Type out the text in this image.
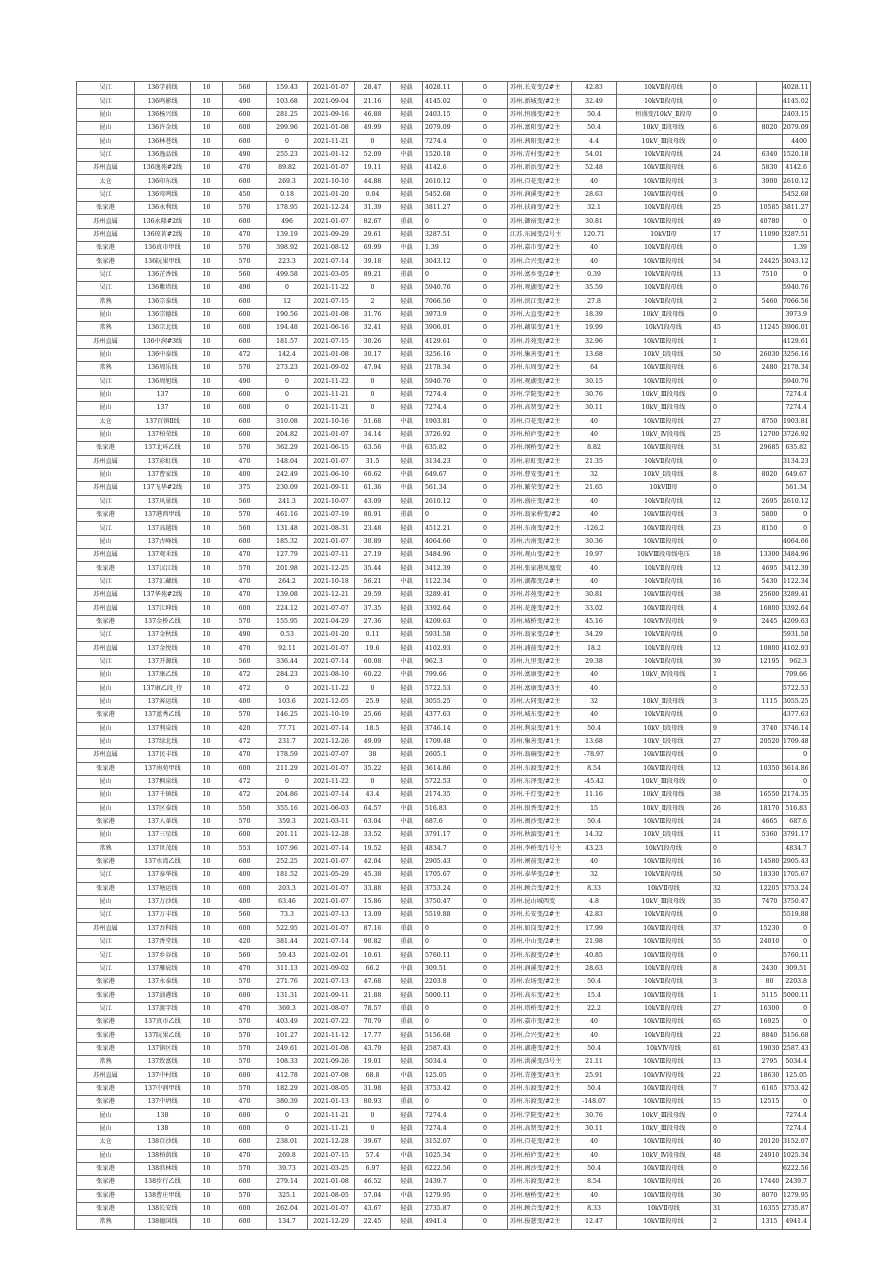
吴江	136学前线	10	560	159.43	2021-01-07	28.47	轻载	4028.11	0	苏州.长安变/2#主	42.83	10kVⅡ段母线	0		4028.11
吴江	136鸣影线	10	490	103.68	2021-09-04	21.16	轻载	4145.02	0	苏州.新城变/#2主	32.49	10kVⅡ段母线	0		4145.02
昆山	136杨兴线	10	600	281.25	2021-09-16	46.88	轻载	2403.15	0	苏州.恒盛变/#2主	50.4	恒盛变/10kV_Ⅱ段母	0		2403.15
昆山	136许金线	10	600	299.96	2021-01-08	49.99	轻载	2079.09	0	苏州.富阳变/#2主	50.4	10kV_Ⅱ段母线	6	8020	2079.09
昆山	136林苍线	10	600	0	2021-11-21	0	轻载	7274.4	0	苏州.茜阳变/#2主	4.4	10kV_Ⅲ段母线	0		4400
吴江	136逸品线	10	490	255.23	2021-01-12	52.09	中载	1520.18	0	苏州.青村变/#2主	54.01	10kVⅡ段母线	24	6340	1520.18
苏州直属	136逸苑#2线	10	470	89.82	2021-01-07	19.11	轻载	4142.6	0	苏州.新浜变/#2主	52.48	10kVⅢ段母线	6	5830	4142.6
太仓	136印东线	10	600	269.3	2021-10-10	44.88	轻载	2610.12	0	苏州.百花变/#2主	40	10kVⅢ段母线	3	3900	2610.12
吴江	136莺鸣线	10	450	0.18	2021-01-20	0.04	轻载	5452.68	0	苏州.润溪变/#2主	28.63	10kVⅢ段母线	0		5452.68
张家港	136永利线	10	570	178.95	2021-12-24	31.39	轻载	3811.27	0	苏州.扶商变/#2主	32.1	10kVⅡ段母线	25	10585	3811.27
苏州直属	136永隆#2线	10	600	496	2021-01-07	82.67	重载	0	0	苏州.御宿变/#2主	30.81	10kVⅢ段母线	49	40780	0
苏州直属	136琼茗#2线	10	470	139.19	2021-09-29	29.61	轻载	3287.51	0	江苏.东园变/2号主	120.71	10kVⅡ母	17	11090	3287.51
张家港	136真市甲线	10	570	398.92	2021-08-12	69.99	中载	1.39	0	苏州.嘉市变/#2主	40	10kVⅡ段母线	0		1.39
张家港	136阮果甲线	10	570	223.3	2021-07-14	39.18	轻载	3043.12	0	苏州.合兴变/#2主	40	10kVⅢ段母线	54	24425	3043.12
吴江	136芷香线	10	560	499.58	2021-03-05	89.21	重载	0	0	苏州.富乡变/2#主	0.39	10kVⅡ段母线	13	7510	0
吴江	136紫塔线	10	490	0	2021-11-22	0	轻载	5940.76	0	苏州.观湖变/#2主	35.59	10kVⅡ段母线	0		5940.76
常熟	136宗泰线	10	600	12	2021-07-15	2	轻载	7066.56	0	苏州.滨江变/#2主	27.8	10kVⅡ段母线	2	5460	7066.56
昆山	136宗德线	10	600	190.56	2021-01-08	31.76	轻载	3973.9	0	苏州.大直变/#2主	18.39	10kV_Ⅱ段母线	0		3973.9
常熟	136宗北线	10	600	194.48	2021-06-16	32.41	轻载	3906.01	0	苏州.藕渠变/#1主	19.99	10kVⅠ段母线	45	11245	3906.01
苏州直属	136中润#3线	10	600	181.57	2021-07-15	30.26	轻载	4129.61	0	苏州.苏苑变/#2主	32.96	10kVⅢ段母线	1		4129.61
昆山	136中泰线	10	472	142.4	2021-01-08	30.17	轻载	3256.16	0	苏州.集善变/#1主	13.68	10kV_Ⅰ段母线	50	26030	3256.16
常熟	136周乐线	10	570	273.23	2021-09-02	47.94	轻载	2178.34	0	苏州.东周变/#2主	64	10kVⅢ段母线	6	2480	2178.34
吴江	136周旭线	10	490	0	2021-11-22	0	轻载	5940.76	0	苏州.观湖变/#2主	30.15	10kVⅢ段母线	0		5940.76
昆山	137	10	600	0	2021-11-21	0	轻载	7274.4	0	苏州.学院变/#2主	30.76	10kV_Ⅲ段母线	0		7274.4
昆山	137	10	600	0	2021-11-21	0	轻载	7274.4	0	苏州.高贤变/#2主	30.11	10kV_Ⅲ段母线	0		7274.4
太仓	137百镇Ⅱ线	10	600	310.08	2021-10-16	51.68	中载	1903.81	0	苏州.百花变/#2主	40	10kVⅢ段母线	27	8750	1903.81
昆山	137柏荣线	10	600	204.82	2021-01-07	34.14	轻载	3726.92	0	苏州.柏庐变/#2主	40	10kV_Ⅳ段母线	25	12700	3726.92
张家港	137北环乙线	10	570	362.29	2021-06-15	63.56	中载	635.82	0	苏州.纲桥变/#2主	8.82	10kVⅢ段母线	51	29685	635.82
苏州直属	137彩虹线	10	470	148.04	2021-01-07	31.5	轻载	3134.23	0	苏州.彩虹变/#2主	21.35	10kVⅡ段母线	0		3134.23
昆山	137曹家线	10	400	242.49	2021-06-10	60.62	中载	649.67	0	苏州.曹安变/#1主	32	10kV_Ⅰ段母线	8	8020	649.67
苏州直属	137飞华#2线	10	375	230.09	2021-09-11	61.36	中载	561.34	0	苏州.繁荣变/#2主	21.65	10kVⅢ母	0		561.34
吴江	137风景线	10	560	241.3	2021-10-07	43.09	轻载	2610.12	0	苏州.盛庄变/#2主	40	10kVⅡ段母线	12	2695	2610.12
张家港	137港西甲线	10	570	461.16	2021-07-19	80.91	重载	0	0	苏州.翁家桥变/#2	40	10kVⅢ段母线	3	5800	0
吴江	137高越线	10	560	131.48	2021-08-31	23.48	轻载	4512.21	0	苏州.东南变/#2主	-126.2	10kVⅢ段母线	23	8150	0
昆山	137古峰线	10	600	185.32	2021-01-07	30.89	轻载	4064.66	0	苏州.古南变/#2主	30.36	10kVⅢ段母线	0		4064.66
苏州直属	137观禾线	10	470	127.79	2021-07-11	27.19	轻载	3484.96	0	苏州.观山变/#2主	19.97	10kVⅢ段母线电压	18	13300	3484.96
张家港	137汉江线	10	570	201.98	2021-12-25	35.44	轻载	3412.39	0	苏州.张家港凤凰变	40	10kVⅡ段母线	12	4695	3412.39
吴江	137汇藏线	10	470	264.2	2021-10-18	56.21	中载	1122.34	0	苏州.湖都变/2#主	40	10kVⅡ段母线	16	5430	1122.34
苏州直属	137华苑#2线	10	470	139.08	2021-12-21	29.59	轻载	3289.41	0	苏州.苏苑变/#2主	30.81	10kVⅢ段母线	38	25600	3289.41
苏州直属	137江坤线	10	600	224.12	2021-07-07	37.35	轻载	3392.64	0	苏州.花莲变/#2主	33.02	10kVⅢ段母线	4	16800	3392.64
张家港	137金桥乙线	10	570	155.95	2021-04-29	27.36	轻载	4209.63	0	苏州.城桥变/#2主	45.16	10kVⅣ段母线	9	2445	4209.63
吴江	137金秋线	10	490	0.53	2021-01-20	0.11	轻载	5931.58	0	苏州.翁家变/2#主	34.29	10kVⅡ段母线	0		5931.58
苏州直属	137金悦线	10	470	92.11	2021-01-07	19.6	轻载	4102.93	0	苏州.浦前变/#2主	18.2	10kVⅡ段母线	12	10800	4102.93
吴江	137开源线	10	560	336.44	2021-07-14	60.08	中载	962.3	0	苏州.九里变/#2主	29.38	10kVⅡ段母线	39	12195	962.3
昆山	137康乙线	10	472	284.23	2021-08-10	60.22	中载	799.66	0	苏州.富康变/#2主	40	10kV_Ⅳ段母线	1		799.66
昆山	137康乙段_待	10	472	0	2021-11-22	0	轻载	5722.53	0	苏州.富康变/#3主	40		0		5722.53
昆山	137客运线	10	400	103.6	2021-12-05	25.9	轻载	3055.25	0	苏州.大同变/#2主	32	10kV_Ⅱ段母线	3	1115	3055.25
张家港	137蓝秀乙线	10	570	146.25	2021-10-19	25.66	轻载	4377.63	0	苏州.城东变/#2主	40	10kVⅡ段母线	0		4377.63
昆山	137利泉线	10	420	77.71	2021-07-14	18.5	轻载	3746.14	0	苏州.利泉变/#1主	50.4	10kV_Ⅰ段母线	9	3740	3746.14
昆山	137绿北线	10	472	231.7	2021-12-26	49.09	轻载	1709.48	0	苏州.集善变/#1主	13.68	10kV_Ⅰ段母线	27	20520	1709.48
苏州直属	137民丰线	10	470	178.59	2021-07-07	38	轻载	2605.1	0	苏州.翁硐变/#2主	-78.97	10kVⅢ段母线	0		0
张家港	137南苑甲线	10	600	211.29	2021-01-07	35.22	轻载	3614.86	0	苏州.东渡变/#2主	8.54	10kVⅢ段母线	12	10350	3614.86
昆山	137枫泉线	10	472	0	2021-11-22	0	轻载	5722.53	0	苏州.东泽变/#2主	-45.42	10kV_Ⅲ段母线	0		0
昆山	137千镇线	10	472	204.86	2021-07-14	43.4	轻载	2174.35	0	苏州.千灯变/#2主	11.16	10kV_Ⅱ段母线	38	16550	2174.35
昆山	137区泰线	10	550	355.16	2021-06-03	64.57	中载	516.83	0	苏州.银香变/#2主	15	10kV_Ⅱ段母线	26	18170	516.83
张家港	137人革线	10	570	359.3	2021-03-11	63.04	中载	687.6	0	苏州.闽沙变/#2主	50.4	10kVⅢ段母线	24	4665	687.6
昆山	137三星线	10	600	201.11	2021-12-28	33.52	轻载	3791.17	0	苏州.秋湄变/#1主	14.32	10kV_Ⅰ段母线	11	5360	3791.17
常熟	137世茂线	10	553	107.96	2021-07-14	19.52	轻载	4834.7	0	苏州.李桥变/1号主	43.23	10kVⅠ段母线	0		4834.7
张家港	137水湾乙线	10	600	252.25	2021-01-07	42.04	轻载	2905.43	0	苏州.闸前变/#2主	40	10kVⅢ段母线	16	14580	2905.43
吴江	137泰华线	10	400	181.52	2021-05-29	45.38	轻载	1705.67	0	苏州.泰华变/2#主	32	10kVⅡ段母线	50	18330	1705.67
张家港	137塘运线	10	600	203.3	2021-01-07	33.88	轻载	3753.24	0	苏州.顾合变/#2主	8.33	10kVⅡ母线	32	12205	3753.24
昆山	137万沙线	10	400	63.46	2021-01-07	15.86	轻载	3750.47	0	苏州.昆山城西变	4.8	10kV_Ⅲ段母线	35	7470	3750.47
吴江	137万丰线	10	560	73.3	2021-07-13	13.09	轻载	5519.88	0	苏州.长安变/2#主	42.83	10kVⅡ段母线	0		5519.88
苏州直属	137吾科线	10	600	522.95	2021-01-07	87.16	重载	0	0	苏州.如岗变/#2主	17.99	10kVⅢ段母线	37	15230	0
吴江	137香堂线	10	420	381.44	2021-07-14	90.82	重载	0	0	苏州.中山变/2#主	21.98	10kVⅢ段母线	55	24010	0
吴江	137乡谷线	10	560	59.43	2021-02-01	10.61	轻载	5760.11	0	苏州.东渡变/2#主	40.85	10kVⅢ段母线	0		5760.11
吴江	137雁宸线	10	470	311.13	2021-09-02	66.2	中载	309.51	0	苏州.润溪变/#2主	28.63	10kVⅡ段母线	8	2430	309.51
张家港	137永泰线	10	570	271.76	2021-07-13	47.68	轻载	2203.8	0	苏州.农场变/#2主	50.4	10kVⅡ段母线	3	80	2203.8
张家港	137油港线	10	600	131.31	2021-09-11	21.88	轻载	5000.11	0	苏州.高东变/#2主	15.4	10kVⅢ段母线	1	5115	5000.11
吴江	137渡字线	10	470	369.3	2021-08-07	78.57	重载	0	0	苏州.塔桥变/#2主	22.2	10kVⅡ段母线	27	16300	0
张家港	137真市乙线	10	570	403.49	2021-07-22	70.79	重载	0	0	苏州.嘉市变/#2主	40	10kVⅢ段母线	65	16925	0
张家港	137阮果乙线	10	570	101.27	2021-11-12	17.77	轻载	5156.68	0	苏州.合兴变/#2主	40	10kVⅡ段母线	22	8840	5156.68
张家港	137镇区线	10	570	249.61	2021-01-08	43.79	轻载	2587.43	0	苏州.湖港变/#2主	50.4	10kVⅣ母线	61	19030	2587.43
常熟	137致富线	10	570	108.33	2021-09-26	19.01	轻载	5034.4	0	苏州.洪溪变/3号主	21.11	10kVⅢ段母线	13	2795	5034.4
苏州直属	137中村线	10	600	412.78	2021-07-08	68.8	中载	125.05	0	苏州.青莲变/#3主	25.91	10kVⅣ段母线	22	18630	125.05
张家港	137中润甲线	10	570	182.29	2021-08-05	31.98	轻载	3753.42	0	苏州.东渡变/#2主	50.4	10kVⅢ段母线	7	6165	3753.42
张家港	137中坍线	10	470	380.39	2021-01-13	80.93	重载	0	0	苏州.东渡变/#2主	-148.07	10kVⅢ段母线	15	12515	0
昆山	138	10	600	0	2021-11-21	0	轻载	7274.4	0	苏州.学院变/#2主	30.76	10kV_Ⅲ段母线	0		7274.4
昆山	138	10	600	0	2021-11-21	0	轻载	7274.4	0	苏州.高贤变/#2主	30.11	10kV_Ⅲ段母线	0		7274.4
太仓	138百沙线	10	600	238.01	2021-12-28	39.67	轻载	3152.07	0	苏州.百花变/#2主	40	10kVⅢ段母线	40	20120	3152.07
昆山	138柏荫线	10	470	269.8	2021-07-15	57.4	中载	1025.34	0	苏州.柏庐变/#2主	40	10kV_Ⅳ段母线	48	24910	1025.34
张家港	138滨林线	10	570	39.73	2021-03-25	6.97	轻载	6222.56	0	苏州.闽沙变/#2主	50.4	10kVⅢ段母线	0		6222.56
张家港	138步行乙线	10	600	279.14	2021-01-08	46.52	轻载	2439.7	0	苏州.东渡变/#2主	8.54	10kVⅢ段母线	26	17440	2439.7
张家港	138曹庄甲线	10	570	325.1	2021-08-05	57.04	中载	1279.95	0	苏州.塘桥变/#2主	40	10kVⅢ段母线	30	8070	1279.95
张家港	138长安线	10	600	262.04	2021-01-07	43.67	轻载	2735.87	0	苏州.顾合变/#2主	8.33	10kVⅡ母线	31	16355	2735.87
常熟	138德国线	10	600	134.7	2021-12-29	22.45	轻载	4941.4	0	苏州.报慈变/#2主	12.47	10kVⅢ段母线	2	1315	4941.4
